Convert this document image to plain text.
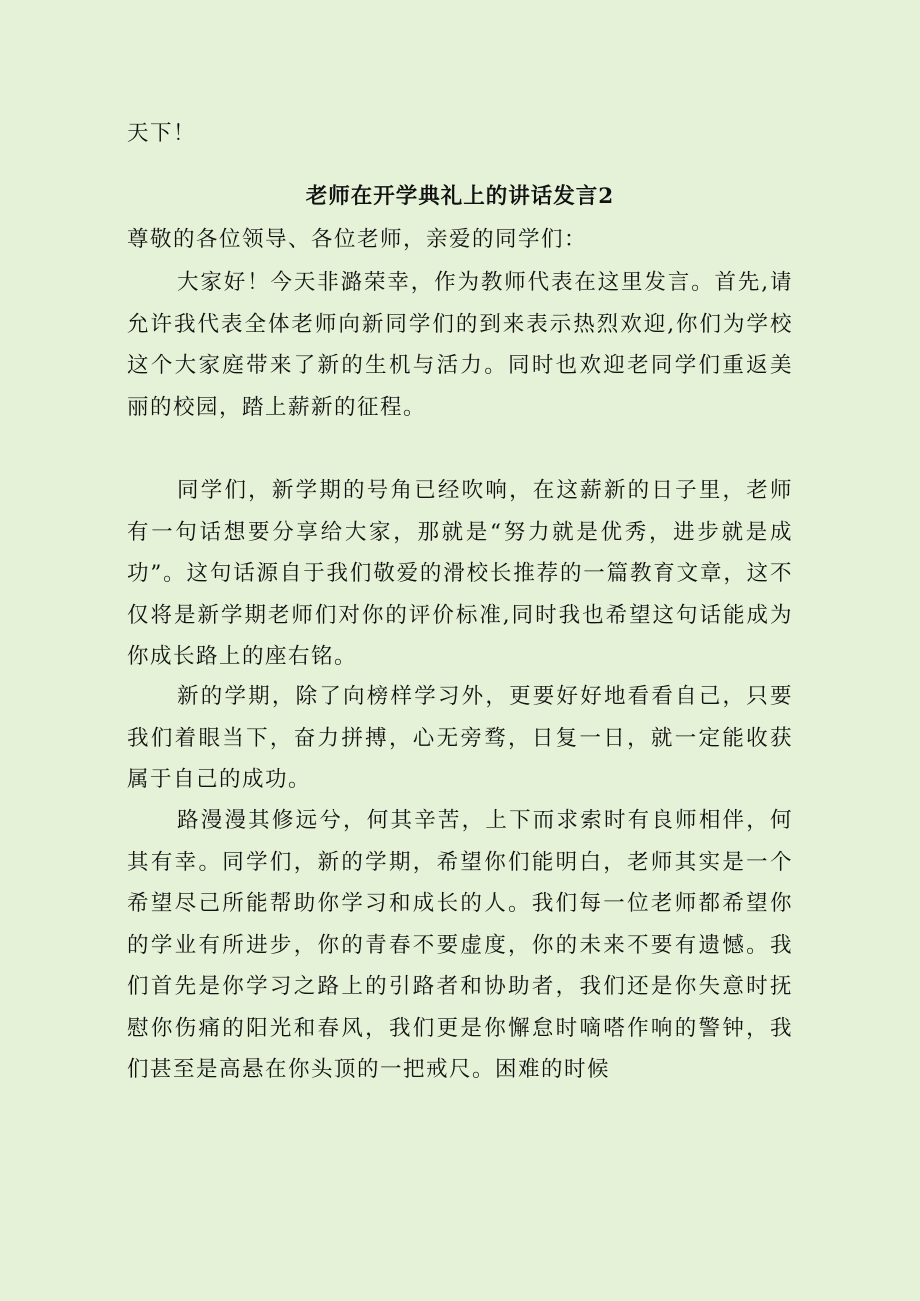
天下！

老师在开学典礼上的讲话发言2

尊敬的各位领导、各位老师，亲爱的同学们：

大家好！今天非潞荣幸，作为教师代表在这里发言。首先,请允许我代表全体老师向新同学们的到来表示热烈欢迎,你们为学校这个大家庭带来了新的生机与活力。同时也欢迎老同学们重返美丽的校园，踏上薪新的征程。

同学们，新学期的号角已经吹响，在这薪新的日子里，老师有一句话想要分享给大家，那就是“努力就是优秀，进步就是成功”。这句话源自于我们敬爱的滑校长推荐的一篇教育文章，这不仅将是新学期老师们对你的评价标准,同时我也希望这句话能成为你成长路上的座右铭。

新的学期，除了向榜样学习外，更要好好地看看自己，只要我们着眼当下，奋力拼搏，心无旁骛，日复一日，就一定能收获属于自己的成功。

路漫漫其修远兮，何其辛苦，上下而求索时有良师相伴，何其有幸。同学们，新的学期，希望你们能明白，老师其实是一个希望尽己所能帮助你学习和成长的人。我们每一位老师都希望你的学业有所进步，你的青春不要虚度，你的未来不要有遗憾。我们首先是你学习之路上的引路者和协助者，我们还是你失意时抚慰你伤痛的阳光和春风，我们更是你懈怠时嘀嗒作响的警钟，我们甚至是高悬在你头顶的一把戒尺。困难的时候
